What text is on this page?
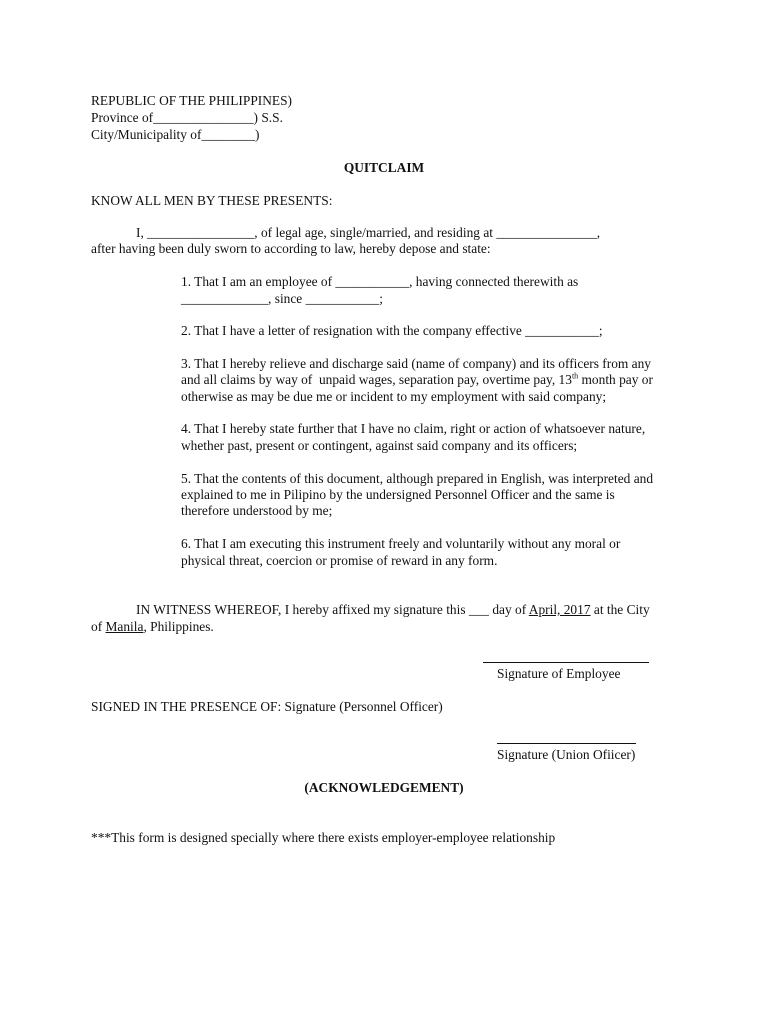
REPUBLIC OF THE PHILIPPINES)
Province of_______________) S.S.
City/Municipality of________)
QUITCLAIM
KNOW ALL MEN BY THESE PRESENTS:
I, ________________, of legal age, single/married, and residing at _______________,
after having been duly sworn to according to law, hereby depose and state:
1. That I am an employee of ___________, having connected therewith as
_____________, since ___________;
2. That I have a letter of resignation with the company effective ___________;
3. That I hereby relieve and discharge said (name of company) and its officers from any
and all claims by way of  unpaid wages, separation pay, overtime pay, 13th month pay or
otherwise as may be due me or incident to my employment with said company;
4. That I hereby state further that I have no claim, right or action of whatsoever nature,
whether past, present or contingent, against said company and its officers;
5. That the contents of this document, although prepared in English, was interpreted and
explained to me in Pilipino by the undersigned Personnel Officer and the same is
therefore understood by me;
6. That I am executing this instrument freely and voluntarily without any moral or
physical threat, coercion or promise of reward in any form.
IN WITNESS WHEREOF, I hereby affixed my signature this ___ day of April, 2017 at the City
of Manila, Philippines.
Signature of Employee
SIGNED IN THE PRESENCE OF: Signature (Personnel Officer)
Signature (Union Ofiicer)
(ACKNOWLEDGEMENT)
***This form is designed specially where there exists employer-employee relationship
